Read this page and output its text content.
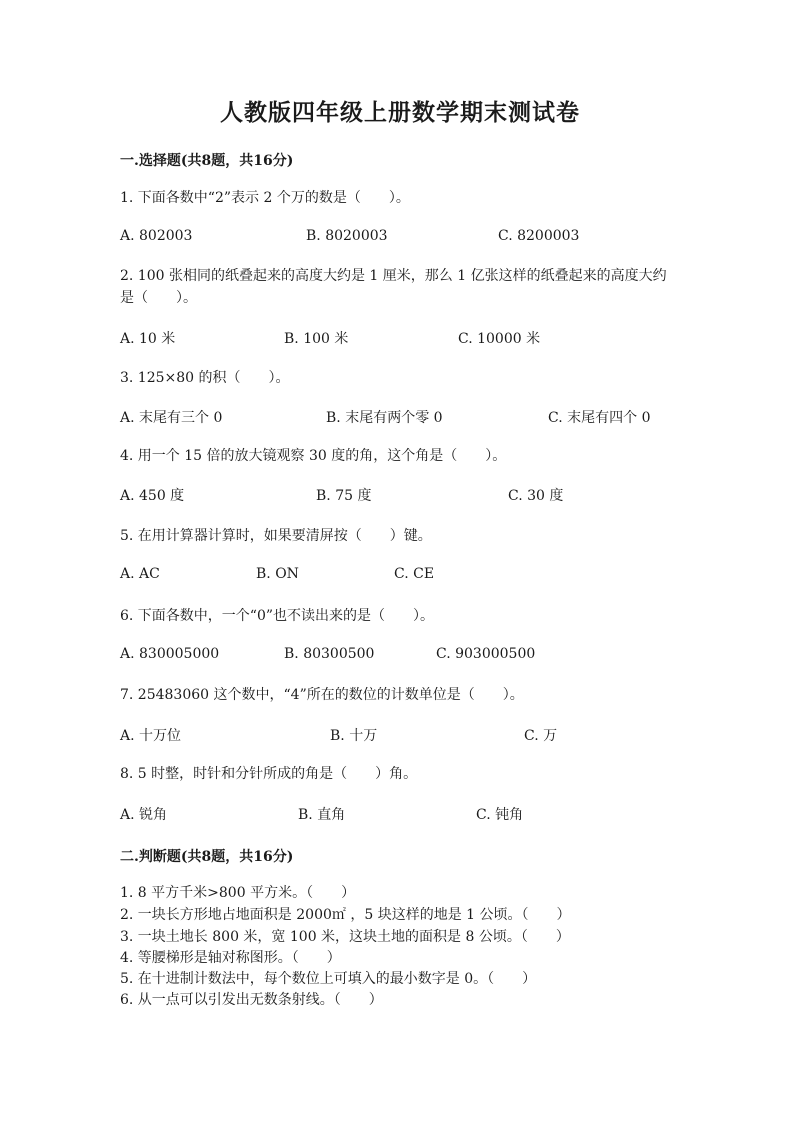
人教版四年级上册数学期末测试卷
一.选择题(共8题，共16分)
1. 下面各数中“2”表示 2 个万的数是（　　）。
A. 802003	B. 8020003	C. 8200003
2. 100 张相同的纸叠起来的高度大约是 1 厘米，那么 1 亿张这样的纸叠起来的高度大约是（　　）。
A. 10 米	B. 100 米	C. 10000 米
3. 125×80 的积（　　）。
A. 末尾有三个 0	B. 末尾有两个零 0	C. 末尾有四个 0
4. 用一个 15 倍的放大镜观察 30 度的角，这个角是（　　）。
A. 450 度	B. 75 度	C. 30 度
5. 在用计算器计算时，如果要清屏按（　　）键。
A. AC	B. ON	C. CE
6. 下面各数中，一个“0”也不读出来的是（　　）。
A. 830005000	B. 80300500	C. 903000500
7. 25483060 这个数中，“4”所在的数位的计数单位是（　　）。
A. 十万位	B. 十万	C. 万
8. 5 时整，时针和分针所成的角是（　　）角。
A. 锐角	B. 直角	C. 钝角
二.判断题(共8题，共16分)
1. 8 平方千米>800 平方米。（　　）
2. 一块长方形地占地面积是 2000㎡ ，5 块这样的地是 1 公顷。（　　）
3. 一块土地长 800 米，宽 100 米，这块土地的面积是 8 公顷。（　　）
4. 等腰梯形是轴对称图形。（　　）
5. 在十进制计数法中，每个数位上可填入的最小数字是 0。（　　）
6. 从一点可以引发出无数条射线。（　　）
